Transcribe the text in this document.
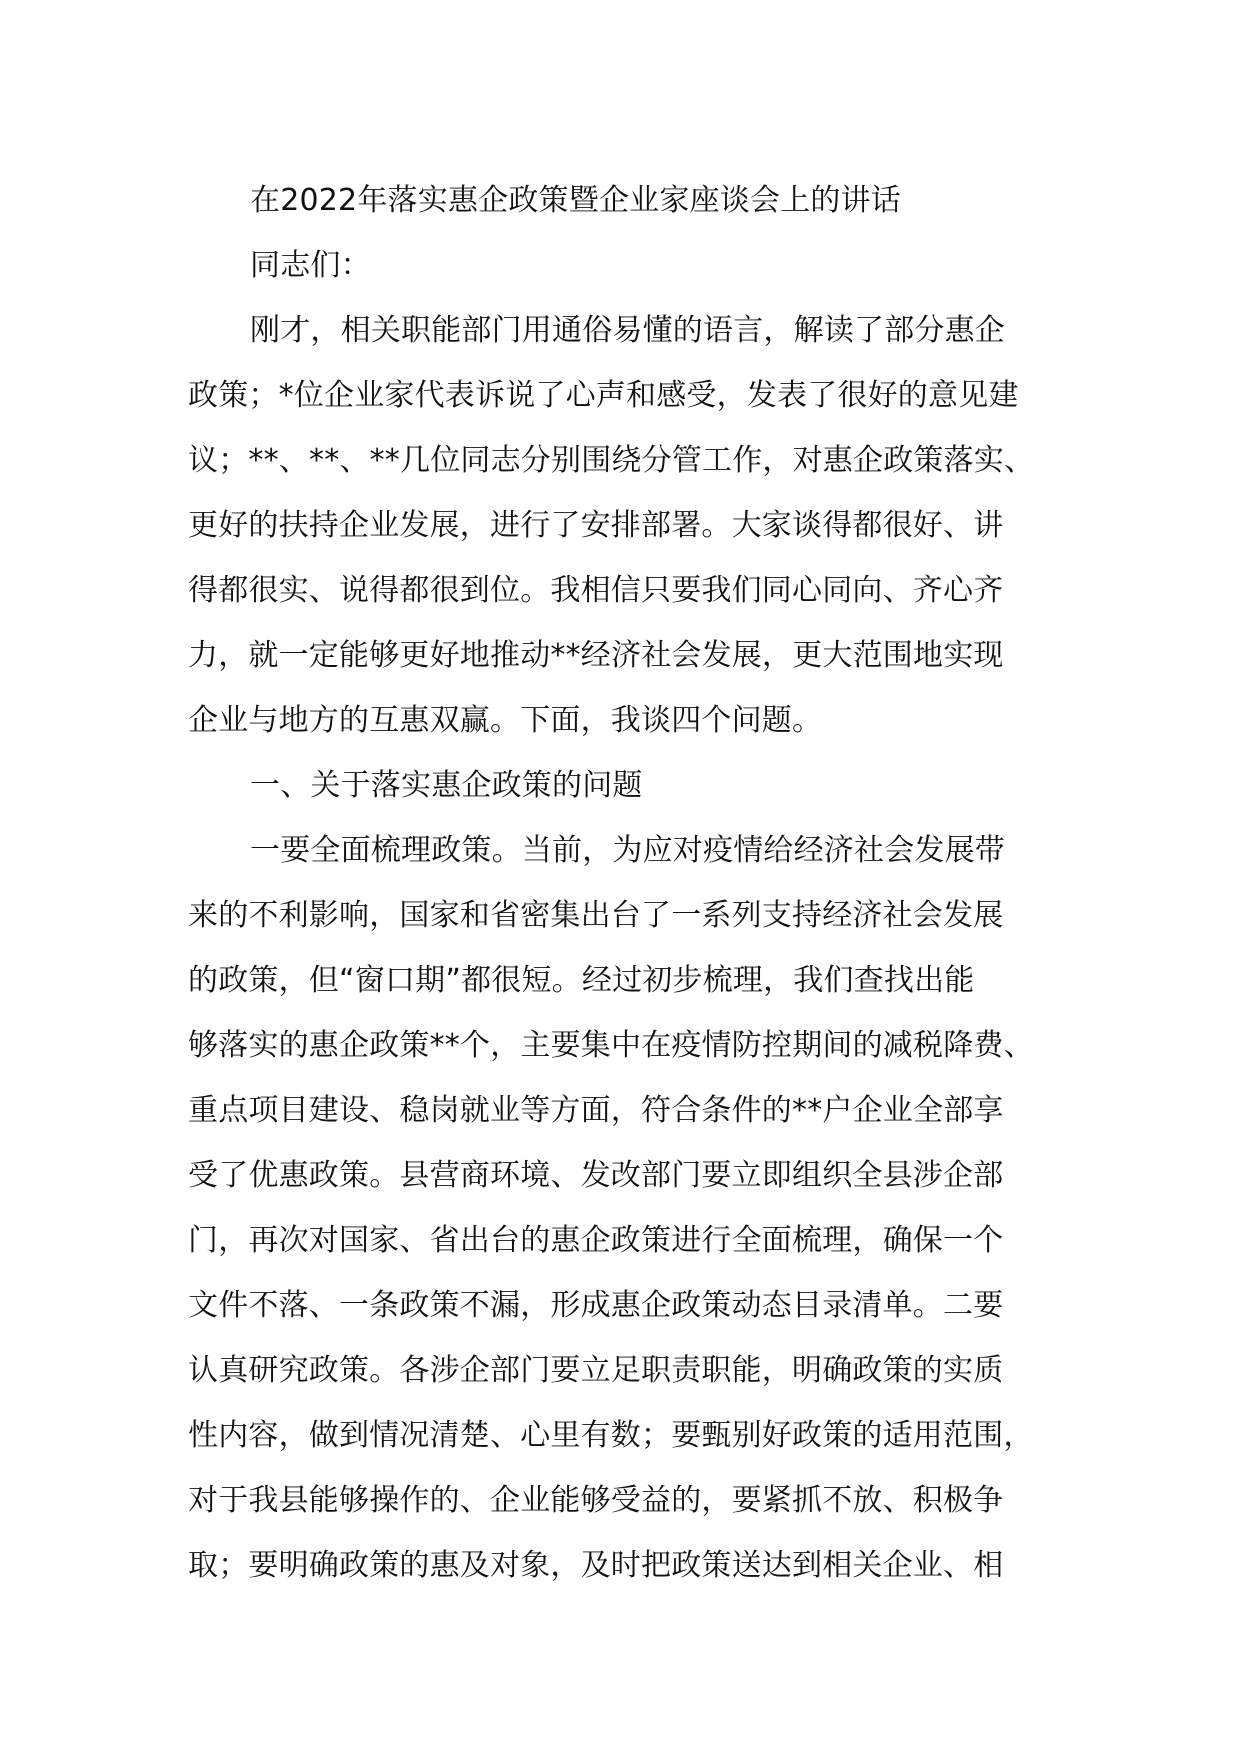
在2022年落实惠企政策暨企业家座谈会上的讲话
同志们：
刚才，相关职能部门用通俗易懂的语言，解读了部分惠企
政策；*位企业家代表诉说了心声和感受，发表了很好的意见建
议；**、**、**几位同志分别围绕分管工作，对惠企政策落实、
更好的扶持企业发展，进行了安排部署。大家谈得都很好、讲
得都很实、说得都很到位。我相信只要我们同心同向、齐心齐
力，就一定能够更好地推动**经济社会发展，更大范围地实现
企业与地方的互惠双赢。下面，我谈四个问题。
一、关于落实惠企政策的问题
一要全面梳理政策。当前，为应对疫情给经济社会发展带
来的不利影响，国家和省密集出台了一系列支持经济社会发展
的政策，但“窗口期”都很短。经过初步梳理，我们查找出能
够落实的惠企政策**个，主要集中在疫情防控期间的减税降费、
重点项目建设、稳岗就业等方面，符合条件的**户企业全部享
受了优惠政策。县营商环境、发改部门要立即组织全县涉企部
门，再次对国家、省出台的惠企政策进行全面梳理，确保一个
文件不落、一条政策不漏，形成惠企政策动态目录清单。二要
认真研究政策。各涉企部门要立足职责职能，明确政策的实质
性内容，做到情况清楚、心里有数；要甄别好政策的适用范围，
对于我县能够操作的、企业能够受益的，要紧抓不放、积极争
取；要明确政策的惠及对象，及时把政策送达到相关企业、相
